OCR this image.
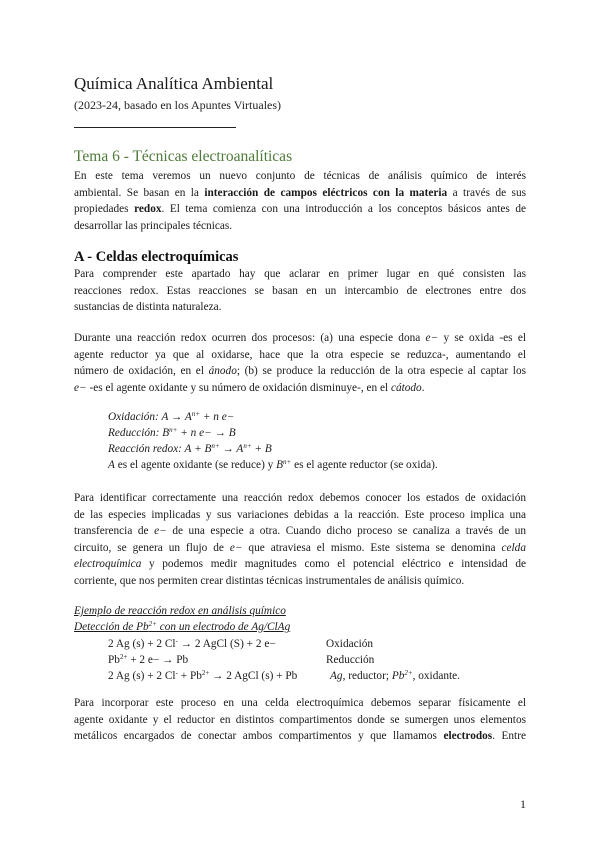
Química Analítica Ambiental
(2023-24, basado en los Apuntes Virtuales)
Tema 6 - Técnicas electroanalíticas

En este tema veremos un nuevo conjunto de técnicas de análisis químico de interés
ambiental. Se basan en la interacción de campos eléctricos con la materia a través de sus
propiedades redox. El tema comienza con una introducción a los conceptos básicos antes de
desarrollar las principales técnicas.

A - Celdas electroquímicas

Para comprender este apartado hay que aclarar en primer lugar en qué consisten las
reacciones redox. Estas reacciones se basan en un intercambio de electrones entre dos
sustancias de distinta naturaleza.

Durante una reacción redox ocurren dos procesos: (a) una especie dona e− y se oxida -es el
agente reductor ya que al oxidarse, hace que la otra especie se reduzca-, aumentando el
número de oxidación, en el ánodo; (b) se produce la reducción de la otra especie al captar los
e− -es el agente oxidante y su número de oxidación disminuye-, en el cátodo.

Oxidación: $A \to A^{n+} + n$ e−
Reducción: $B^{n+} + n$ e− → B
Reacción redox: $A + B^{n+} \to A^{n+} + B$
A es el agente oxidante (se reduce) y $B^{n+}$ es el agente reductor (se oxida).

Para identificar correctamente una reacción redox debemos conocer los estados de oxidación
de las especies implicadas y sus variaciones debidas a la reacción. Este proceso implica una
transferencia de e− de una especie a otra. Cuando dicho proceso se canaliza a través de un
circuito, se genera un flujo de e− que atraviesa el mismo. Este sistema se denomina celda
electroquímica y podemos medir magnitudes como el potencial eléctrico e intensidad de
corriente, que nos permiten crear distintas técnicas instrumentales de análisis químico.

Ejemplo de reacción redox en análisis químico
Detección de $Pb^{2+}$ con un electrodo de Ag/ClAg
2 Ag (s) + 2 Cl- → 2 AgCl (S) + 2 e−	Oxidación
$Pb^{2+} + 2$ e− → Pb	Reducción
2 Ag (s) + 2 $Cl^- + Pb^{2+} \to 2$ AgCl (s) + Pb	Ag, reductor; $Pb^{2+}$, oxidante.

Para incorporar este proceso en una celda electroquímica debemos separar físicamente el
agente oxidante y el reductor en distintos compartimentos donde se sumergen unos elementos
metálicos encargados de conectar ambos compartimentos y que llamamos electrodos. Entre

1
